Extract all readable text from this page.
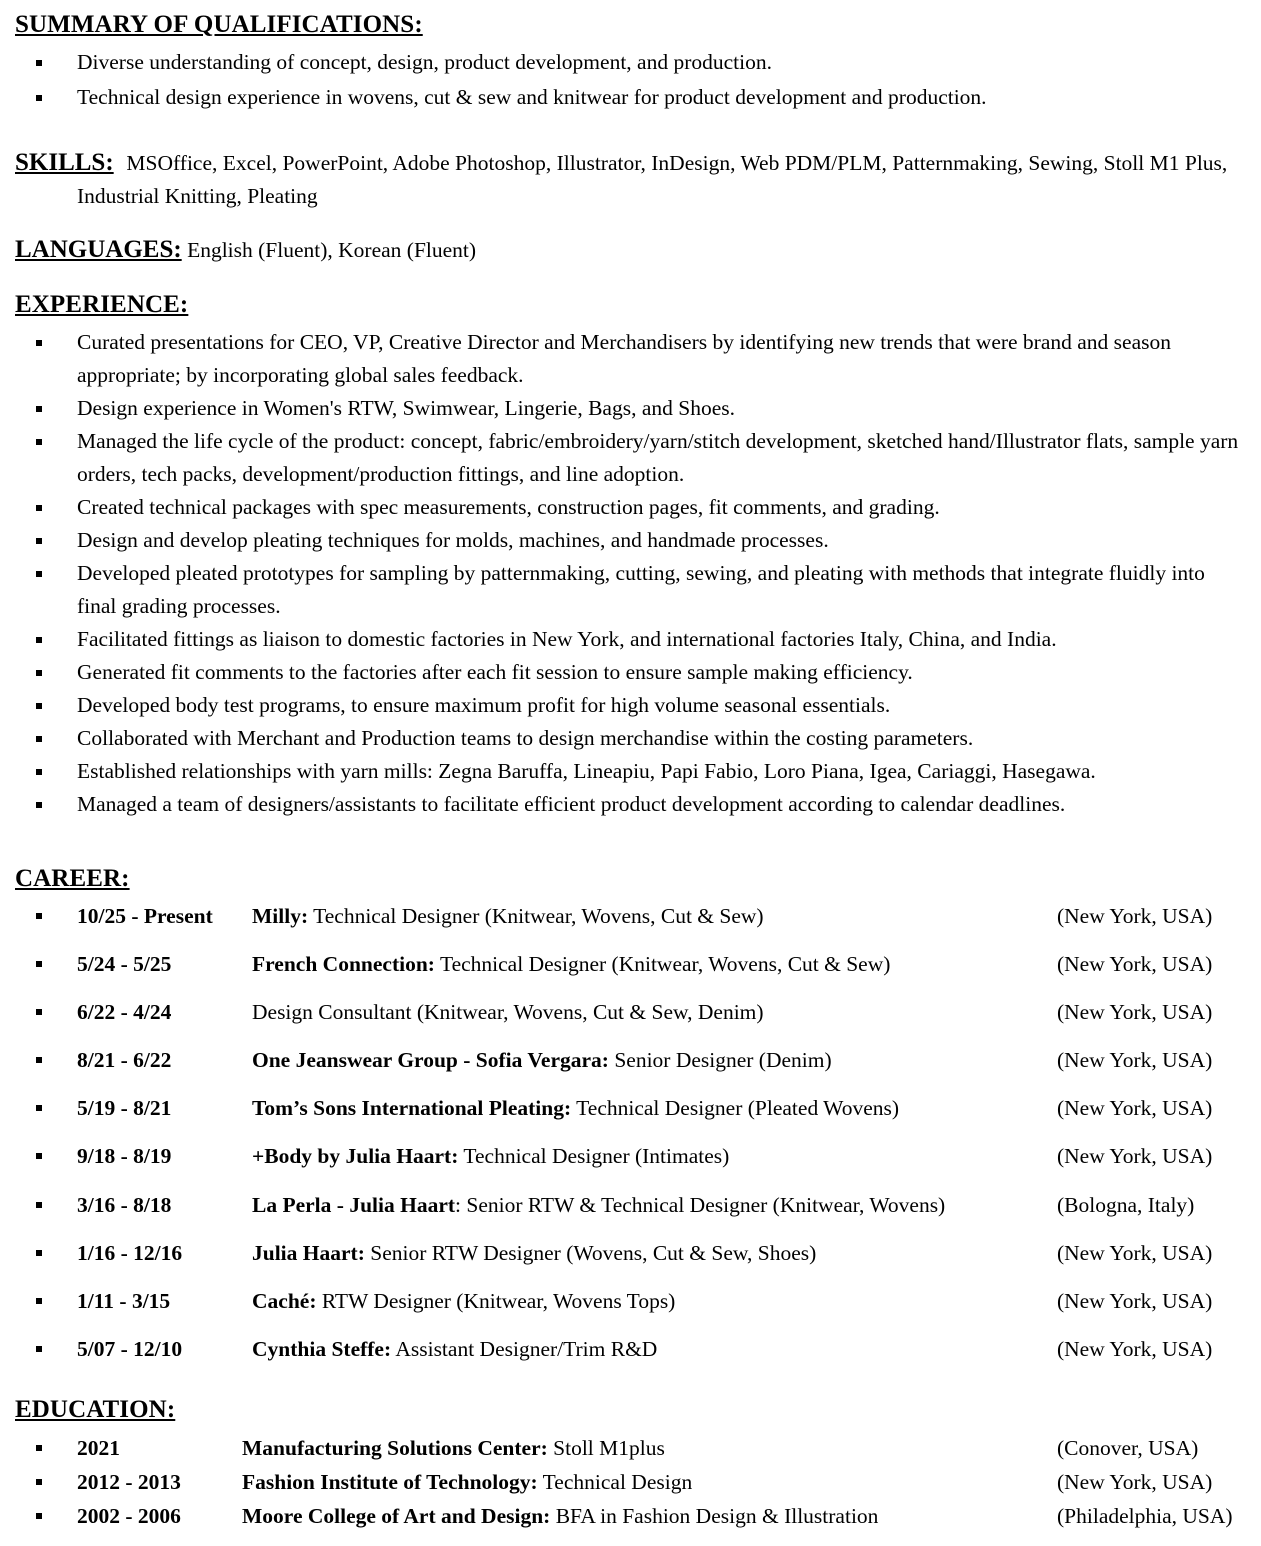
SUMMARY OF QUALIFICATIONS:
Diverse understanding of concept, design, product development, and production.
Technical design experience in wovens, cut & sew and knitwear for product development and production.
SKILLS: MSOffice, Excel, PowerPoint, Adobe Photoshop, Illustrator, InDesign, Web PDM/PLM, Patternmaking, Sewing, Stoll M1 Plus, Industrial Knitting, Pleating
LANGUAGES: English (Fluent), Korean (Fluent)
EXPERIENCE:
Curated presentations for CEO, VP, Creative Director and Merchandisers by identifying new trends that were brand and season appropriate; by incorporating global sales feedback.
Design experience in Women's RTW, Swimwear, Lingerie, Bags, and Shoes.
Managed the life cycle of the product: concept, fabric/embroidery/yarn/stitch development, sketched hand/Illustrator flats, sample yarn orders, tech packs, development/production fittings, and line adoption.
Created technical packages with spec measurements, construction pages, fit comments, and grading.
Design and develop pleating techniques for molds, machines, and handmade processes.
Developed pleated prototypes for sampling by patternmaking, cutting, sewing, and pleating with methods that integrate fluidly into final grading processes.
Facilitated fittings as liaison to domestic factories in New York, and international factories Italy, China, and India.
Generated fit comments to the factories after each fit session to ensure sample making efficiency.
Developed body test programs, to ensure maximum profit for high volume seasonal essentials.
Collaborated with Merchant and Production teams to design merchandise within the costing parameters.
Established relationships with yarn mills: Zegna Baruffa, Lineapiu, Papi Fabio, Loro Piana, Igea, Cariaggi, Hasegawa.
Managed a team of designers/assistants to facilitate efficient product development according to calendar deadlines.
CAREER:
10/25 - Present Milly: Technical Designer (Knitwear, Wovens, Cut & Sew)	(New York, USA)
5/24 - 5/25	French Connection: Technical Designer (Knitwear, Wovens, Cut & Sew)	(New York, USA)
6/22 - 4/24	Design Consultant (Knitwear, Wovens, Cut & Sew, Denim)	(New York, USA)
8/21 - 6/22	One Jeanswear Group - Sofia Vergara: Senior Designer (Denim)	(New York, USA)
5/19 - 8/21	Tom’s Sons International Pleating: Technical Designer (Pleated Wovens)	(New York, USA)
9/18 - 8/19	+Body by Julia Haart: Technical Designer (Intimates)	(New York, USA)
3/16 - 8/18	La Perla - Julia Haart: Senior RTW & Technical Designer (Knitwear, Wovens)	(Bologna, Italy)
1/16 - 12/16	Julia Haart: Senior RTW Designer (Wovens, Cut & Sew, Shoes)	(New York, USA)
1/11 - 3/15	Caché: RTW Designer (Knitwear, Wovens Tops)	(New York, USA)
5/07 - 12/10	Cynthia Steffe: Assistant Designer/Trim R&D	(New York, USA)
EDUCATION:
2021	Manufacturing Solutions Center: Stoll M1plus	(Conover, USA)
2012 - 2013	Fashion Institute of Technology: Technical Design	(New York, USA)
2002 - 2006	Moore College of Art and Design: BFA in Fashion Design & Illustration	(Philadelphia, USA)
